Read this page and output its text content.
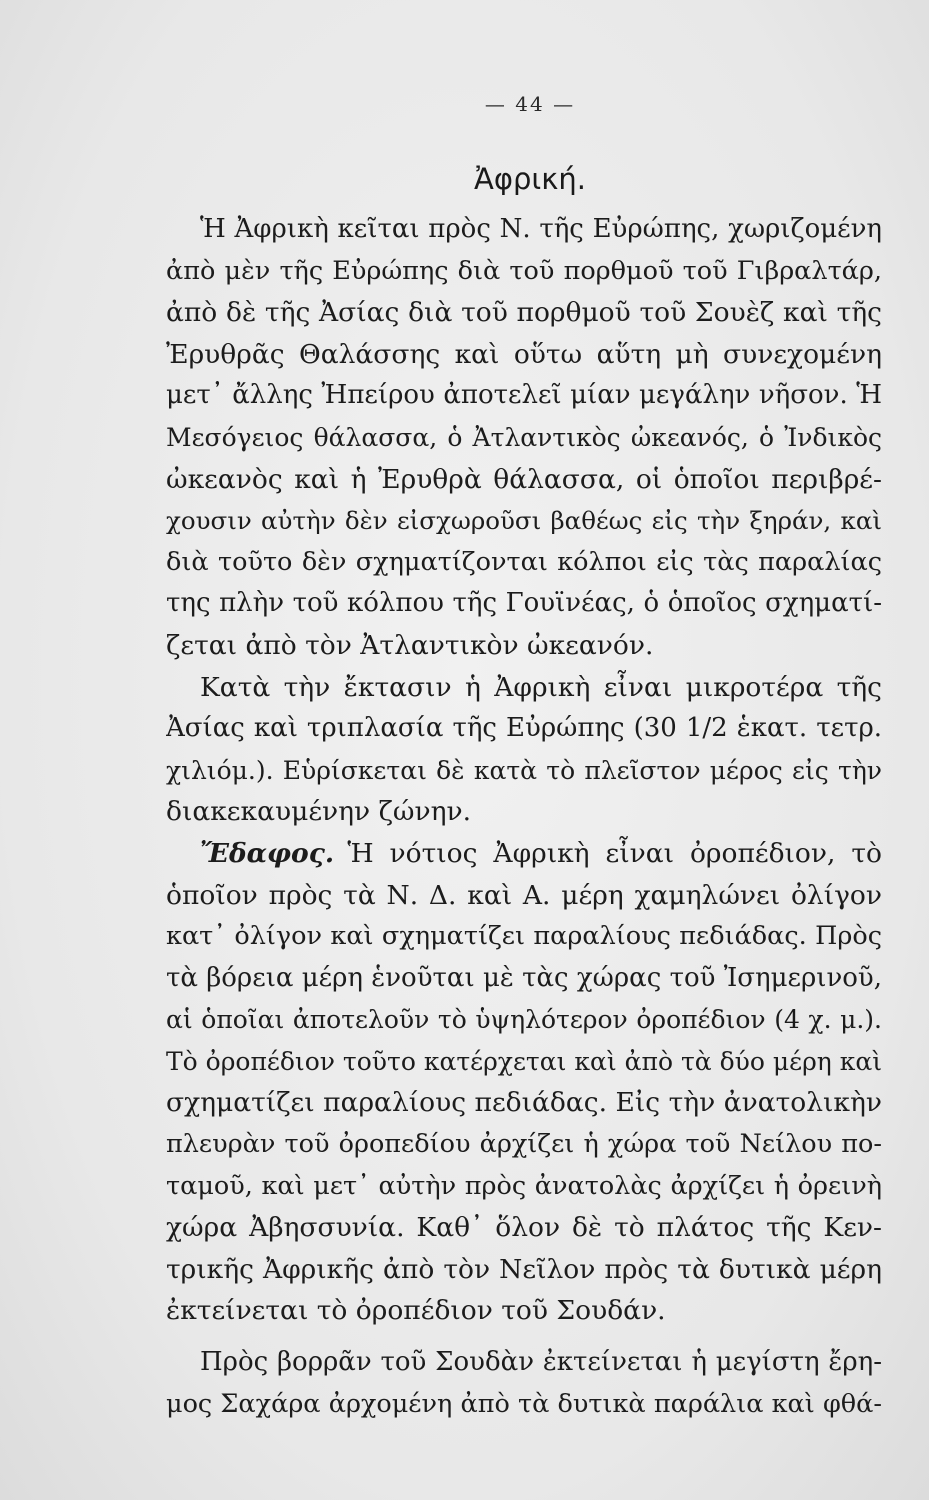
— 44 —
Ἀφρική.
Ἡ Ἀφρικὴ κεῖται πρὸς Ν. τῆς Εὐρώπης, χωριζομένη
ἀπὸ μὲν τῆς Εὐρώπης διὰ τοῦ πορθμοῦ τοῦ Γιβραλτάρ,
ἀπὸ δὲ τῆς Ἀσίας διὰ τοῦ πορθμοῦ τοῦ Σουὲζ καὶ τῆς
Ἐρυθρᾶς Θαλάσσης καὶ οὕτω αὕτη μὴ συνεχομένη
μετ᾽ ἄλλης Ἠπείρου ἀποτελεῖ μίαν μεγάλην νῆσον. Ἡ
Μεσόγειος θάλασσα, ὁ Ἀτλαντικὸς ὠκεανός, ὁ Ἰνδικὸς
ὠκεανὸς καὶ ἡ Ἐρυθρὰ θάλασσα, οἱ ὁποῖοι περιβρέ-
χουσιν αὐτὴν δὲν εἰσχωροῦσι βαθέως εἰς τὴν ξηράν, καὶ
διὰ τοῦτο δὲν σχηματίζονται κόλποι εἰς τὰς παραλίας
της πλὴν τοῦ κόλπου τῆς Γουϊνέας, ὁ ὁποῖος σχηματί-
ζεται ἀπὸ τὸν Ἀτλαντικὸν ὠκεανόν.
Κατὰ τὴν ἔκτασιν ἡ Ἀφρικὴ εἶναι μικροτέρα τῆς
Ἀσίας καὶ τριπλασία τῆς Εὐρώπης (30 1/2 ἑκατ. τετρ.
χιλιόμ.). Εὑρίσκεται δὲ κατὰ τὸ πλεῖστον μέρος εἰς τὴν
διακεκαυμένην ζώνην.
Ἔδαφος.  Ἡ νότιος Ἀφρικὴ εἶναι ὀροπέδιον, τὸ
ὁποῖον πρὸς τὰ Ν. Δ. καὶ Α. μέρη χαμηλώνει ὀλίγον
κατ᾽ ὀλίγον καὶ σχηματίζει παραλίους πεδιάδας. Πρὸς
τὰ βόρεια μέρη ἑνοῦται μὲ τὰς χώρας τοῦ Ἰσημερινοῦ,
αἱ ὁποῖαι ἀποτελοῦν τὸ ὑψηλότερον ὀροπέδιον (4 χ. μ.).
Τὸ ὀροπέδιον τοῦτο κατέρχεται καὶ ἀπὸ τὰ δύο μέρη καὶ
σχηματίζει παραλίους πεδιάδας. Εἰς τὴν ἀνατολικὴν
πλευρὰν τοῦ ὀροπεδίου ἀρχίζει ἡ χώρα τοῦ Νείλου πο-
ταμοῦ, καὶ μετ᾽ αὐτὴν πρὸς ἀνατολὰς ἀρχίζει ἡ ὀρεινὴ
χώρα Ἀβησσυνία. Καθ᾽ ὅλον δὲ τὸ πλάτος τῆς Κεν-
τρικῆς Ἀφρικῆς ἀπὸ τὸν Νεῖλον πρὸς τὰ δυτικὰ μέρη
ἐκτείνεται τὸ ὀροπέδιον τοῦ Σουδάν.
Πρὸς βορρᾶν τοῦ Σουδὰν ἐκτείνεται ἡ μεγίστη ἔρη-
μος Σαχάρα ἀρχομένη ἀπὸ τὰ δυτικὰ παράλια καὶ φθά-
